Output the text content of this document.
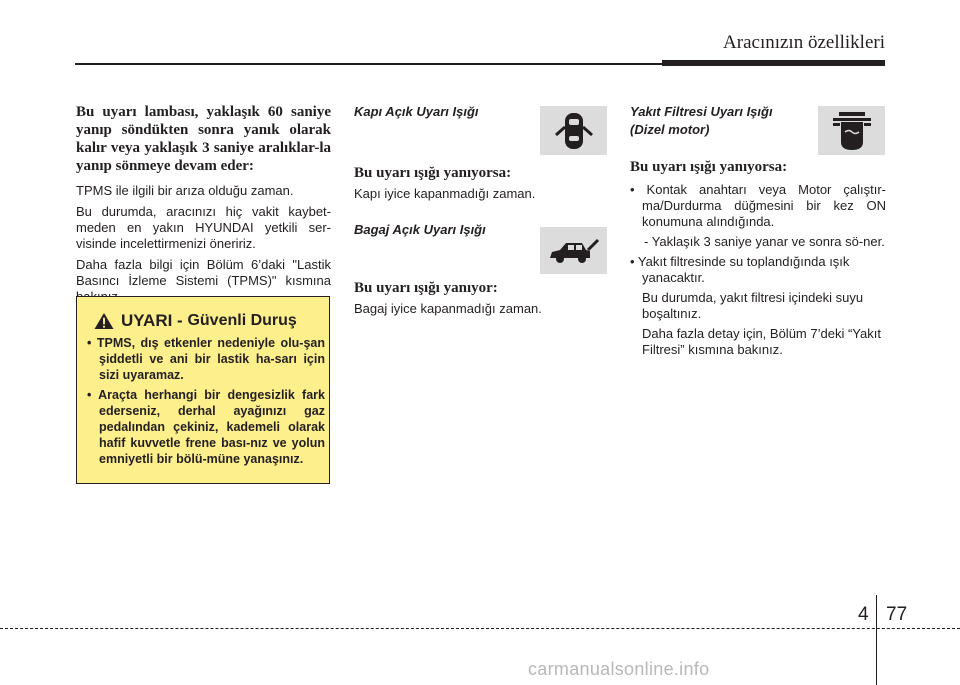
Aracınızın özellikleri
Bu uyarı lambası, yaklaşık 60 saniye yanıp söndükten sonra yanık olarak kalır veya yaklaşık 3 saniye aralıklar-la yanıp sönmeye devam eder:

TPMS ile ilgili bir arıza olduğu zaman.

Bu durumda, aracınızı hiç vakit kaybet-meden en yakın HYUNDAI yetkili ser-visinde incelettirmenizi öneririz.

Daha fazla bilgi için Bölüm 6’daki "Lastik Basıncı İzleme Sistemi (TPMS)" kısmına

UYARI - Güvenli Duruş
• TPMS, dış etkenler nedeniyle olu-şan şiddetli ve ani bir lastik ha-sarı için sizi uyaramaz.
• Araçta herhangi bir dengesizlik fark ederseniz, derhal ayağınızı gaz pedalından çekiniz, kademeli olarak hafif kuvvetle frene bası-nız ve yolun emniyetli bir bölü-müne yanaşınız.
Kapı Açık Uyarı Işığı
Bu uyarı ışığı yanıyorsa:

Kapı iyice kapanmadığı zaman.

Bagaj Açık Uyarı Işığı
Bu uyarı ışığı yanıyor:

Bagaj iyice kapanmadığı zaman.

Yakıt Filtresi Uyarı Işığı
(Dizel motor)
Bu uyarı ışığı yanıyorsa:
• Kontak anahtarı veya Motor çalıştır-ma/Durdurma düğmesini bir kez ON konumuna alındığında.

- Yaklaşık 3 saniye yanar ve sonra sö-ner.

• Yakıt filtresinde su toplandığında ışık yanacaktır.

Bu durumda, yakıt filtresi içindeki suyu boşaltınız.

Daha fazla detay için, Bölüm 7’deki “Yakıt Filtresi” kısmına bakınız.

4 77
carmanualsonline.info
